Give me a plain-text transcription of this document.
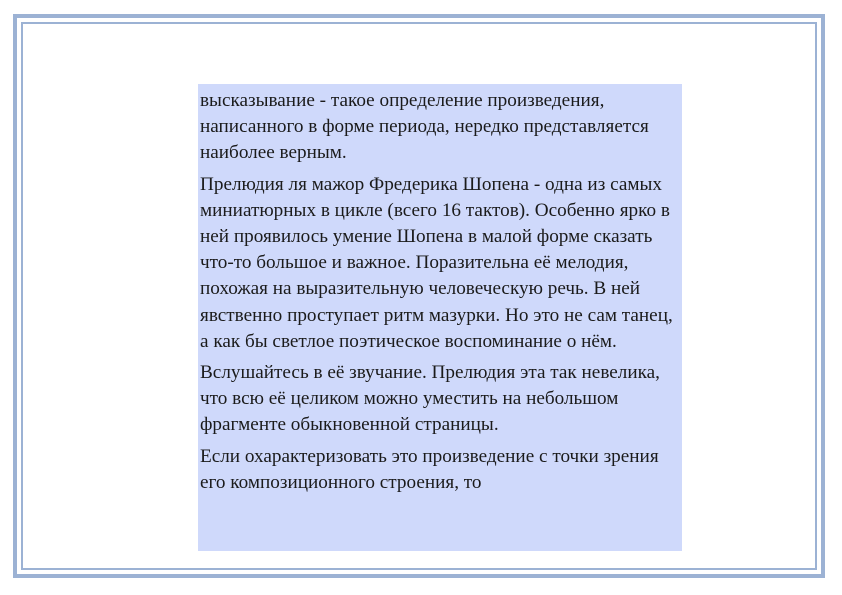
высказывание - такое определение произведения, написанного в форме периода, нередко представляется наиболее верным.

Прелюдия ля мажор Фредерика Шопена - одна из самых миниатюрных в цикле (всего 16 тактов). Особенно ярко в ней проявилось умение Шопена в малой форме сказать что-то большое и важное. Поразительна её мелодия, похожая на выразительную человеческую речь. В ней явственно проступает ритм мазурки. Но это не сам танец, а как бы светлое поэтическое воспоминание о нём.

Вслушайтесь в её звучание. Прелюдия эта так невелика, что всю её целиком можно уместить на небольшом фрагменте обыкновенной страницы.

Если охарактеризовать это произведение с точки зрения его композиционного строения, то
